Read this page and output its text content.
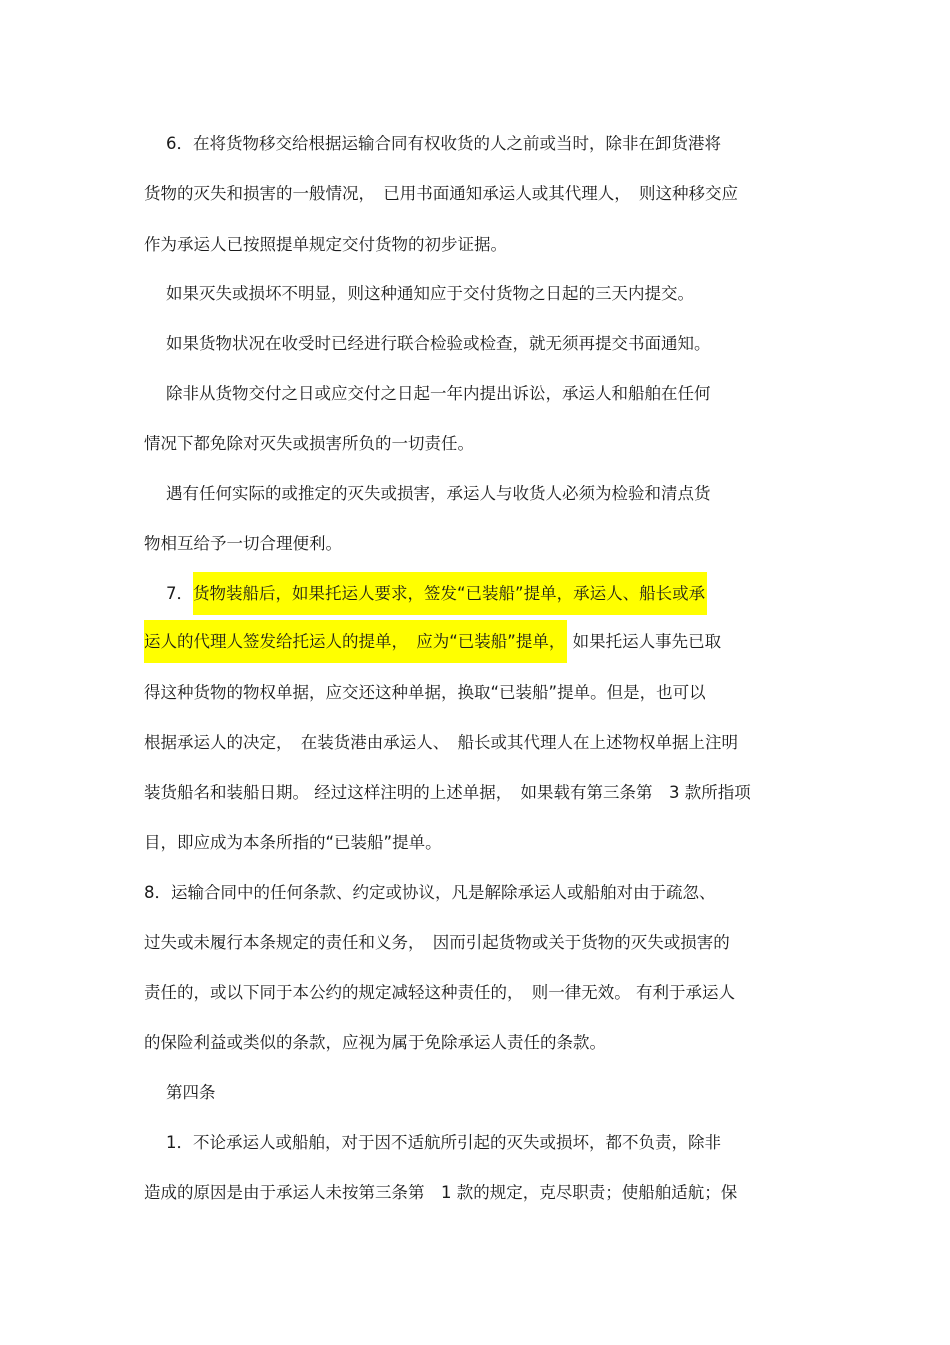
6．在将货物移交给根据运输合同有权收货的人之前或当时，除非在卸货港将
货物的灭失和损害的一般情况，　已用书面通知承运人或其代理人，　则这种移交应
作为承运人已按照提单规定交付货物的初步证据。
如果灭失或损坏不明显，则这种通知应于交付货物之日起的三天内提交。
如果货物状况在收受时已经进行联合检验或检查，就无须再提交书面通知。
除非从货物交付之日或应交付之日起一年内提出诉讼，承运人和船舶在任何
情况下都免除对灭失或损害所负的一切责任。
遇有任何实际的或推定的灭失或损害，承运人与收货人必须为检验和清点货
物相互给予一切合理便利。
7．货物装船后，如果托运人要求，签发“已装船”提单，承运人、船长或承
运人的代理人签发给托运人的提单，　应为“已装船”提单， 如果托运人事先已取
得这种货物的物权单据，应交还这种单据，换取“已装船”提单。但是，也可以
根据承运人的决定，　在装货港由承运人、　船长或其代理人在上述物权单据上注明
装货船名和装船日期。 经过这样注明的上述单据，　如果载有第三条第　3 款所指项
目，即应成为本条所指的“已装船”提单。
8．运输合同中的任何条款、约定或协议，凡是解除承运人或船舶对由于疏忽、
过失或未履行本条规定的责任和义务，　因而引起货物或关于货物的灭失或损害的
责任的，或以下同于本公约的规定减轻这种责任的，　则一律无效。 有利于承运人
的保险利益或类似的条款，应视为属于免除承运人责任的条款。
第四条
1．不论承运人或船舶，对于因不适航所引起的灭失或损坏，都不负责，除非
造成的原因是由于承运人未按第三条第　1 款的规定，克尽职责；使船舶适航；保
